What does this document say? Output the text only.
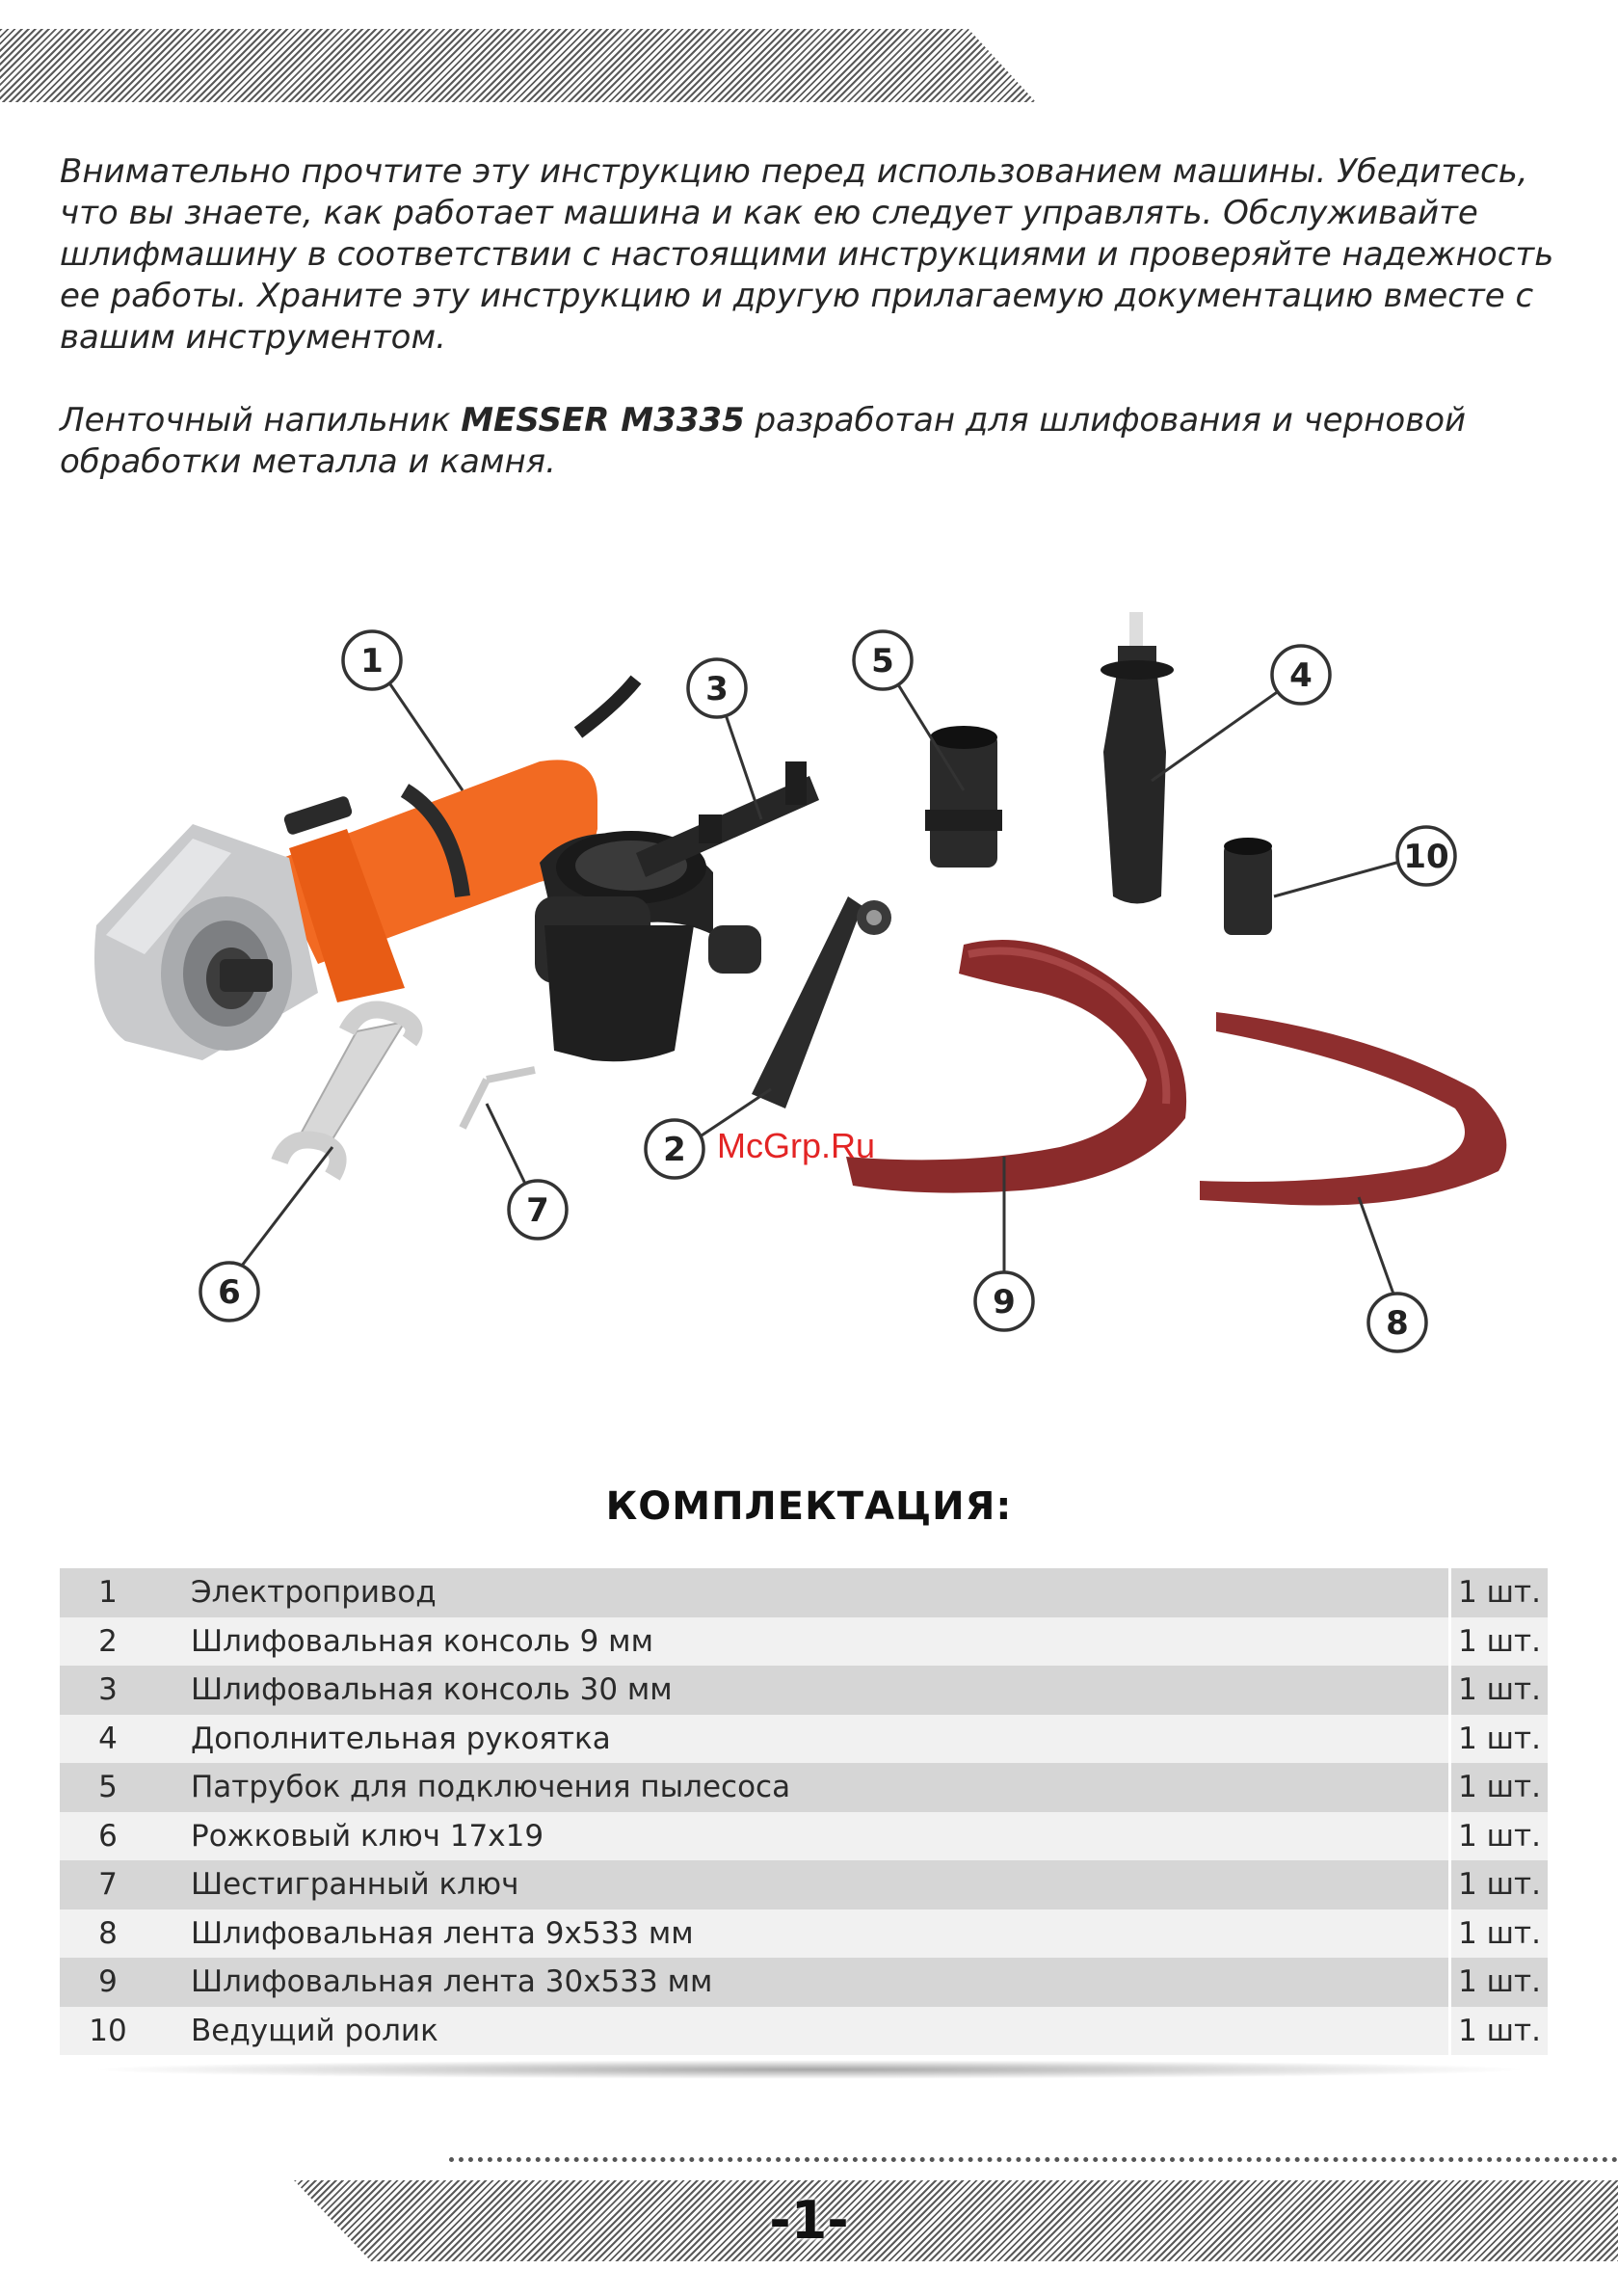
Внимательно прочтите эту инструкцию перед использованием машины. Убедитесь, что вы знаете, как работает машина и как ею следует управлять. Обслуживайте шлифмашину в соответствии с настоящими инструкциями и проверяйте надежность ее работы. Храните эту инструкцию и другую прилагаемую документацию вместе с вашим инструментом.

Ленточный напильник MESSER M3335 разработан для шлифования и черновой обработки металла и камня.

1
3
5	4
10
2
7
6	9
8
McGrp.Ru
КОМПЛЕКТАЦИЯ:
1	Электропривод	1 шт.
2	Шлифовальная консоль 9 мм	1 шт.
3	Шлифовальная консоль 30 мм	1 шт.
4	Дополнительная рукоятка	1 шт.
5	Патрубок для подключения пылесоса	1 шт.
6	Рожковый ключ 17х19	1 шт.
7	Шестигранный ключ	1 шт.
8	Шлифовальная лента 9х533 мм	1 шт.
9	Шлифовальная лента 30х533 мм	1 шт.
10	Ведущий ролик	1 шт.
-1-
